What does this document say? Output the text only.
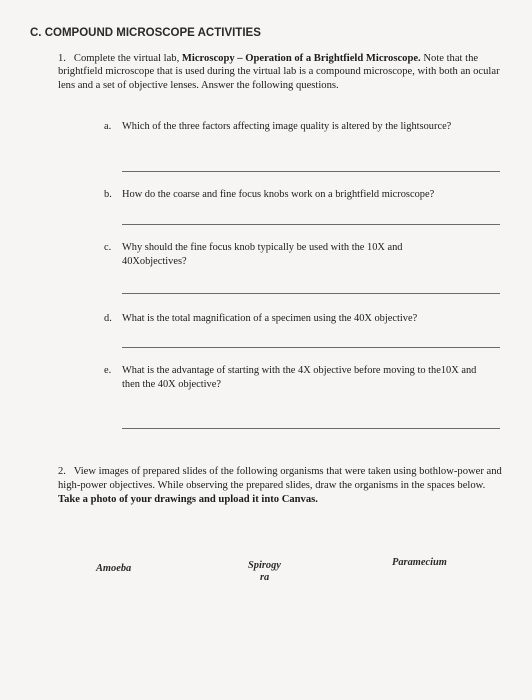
C. COMPOUND MICROSCOPE ACTIVITIES
1. Complete the virtual lab, Microscopy – Operation of a Brightfield Microscope. Note that the brightfield microscope that is used during the virtual lab is a compound microscope, with both an ocular lens and a set of objective lenses. Answer the following questions.
a. Which of the three factors affecting image quality is altered by the lightsource?
b. How do the coarse and fine focus knobs work on a brightfield microscope?
c. Why should the fine focus knob typically be used with the 10X and 40Xobjectives?
d. What is the total magnification of a specimen using the 40X objective?
e. What is the advantage of starting with the 4X objective before moving to the10X and then the 40X objective?
2. View images of prepared slides of the following organisms that were taken using bothlow-power and high-power objectives. While observing the prepared slides, draw the organisms in the spaces below. Take a photo of your drawings and upload it into Canvas.
Amoeba	Spirogy
ra
Paramecium
